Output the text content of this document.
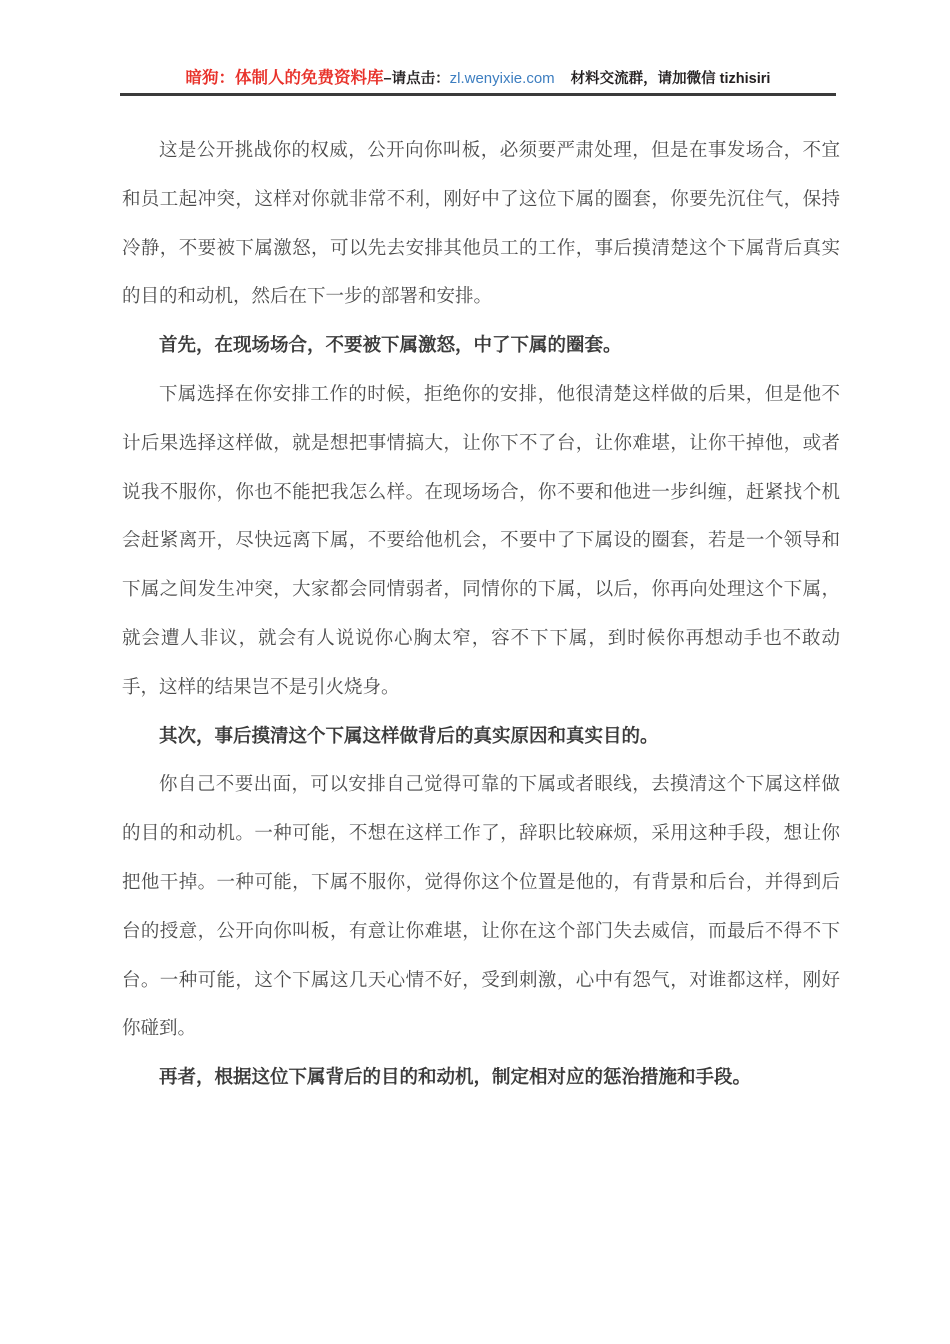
暗狗：体制人的免费资料库–请点击：zl.wenyixie.com 材料交流群，请加微信 tizhisiri

这是公开挑战你的权威，公开向你叫板，必须要严肃处理，但是在事发场合，不宜和员工起冲突，这样对你就非常不利，刚好中了这位下属的圈套，你要先沉住气，保持冷静，不要被下属激怒，可以先去安排其他员工的工作，事后摸清楚这个下属背后真实的目的和动机，然后在下一步的部署和安排。

首先，在现场场合，不要被下属激怒，中了下属的圈套。

下属选择在你安排工作的时候，拒绝你的安排，他很清楚这样做的后果，但是他不计后果选择这样做，就是想把事情搞大，让你下不了台，让你难堪，让你干掉他，或者说我不服你，你也不能把我怎么样。在现场场合，你不要和他进一步纠缠，赶紧找个机会赶紧离开，尽快远离下属，不要给他机会，不要中了下属设的圈套，若是一个领导和下属之间发生冲突，大家都会同情弱者，同情你的下属，以后，你再向处理这个下属，就会遭人非议，就会有人说说你心胸太窄，容不下下属，到时候你再想动手也不敢动手，这样的结果岂不是引火烧身。

其次，事后摸清这个下属这样做背后的真实原因和真实目的。

你自己不要出面，可以安排自己觉得可靠的下属或者眼线，去摸清这个下属这样做的目的和动机。一种可能，不想在这样工作了，辞职比较麻烦，采用这种手段，想让你把他干掉。一种可能，下属不服你，觉得你这个位置是他的，有背景和后台，并得到后台的授意，公开向你叫板，有意让你难堪，让你在这个部门失去威信，而最后不得不下台。一种可能，这个下属这几天心情不好，受到刺激，心中有怨气，对谁都这样，刚好你碰到。

再者，根据这位下属背后的目的和动机，制定相对应的惩治措施和手段。
